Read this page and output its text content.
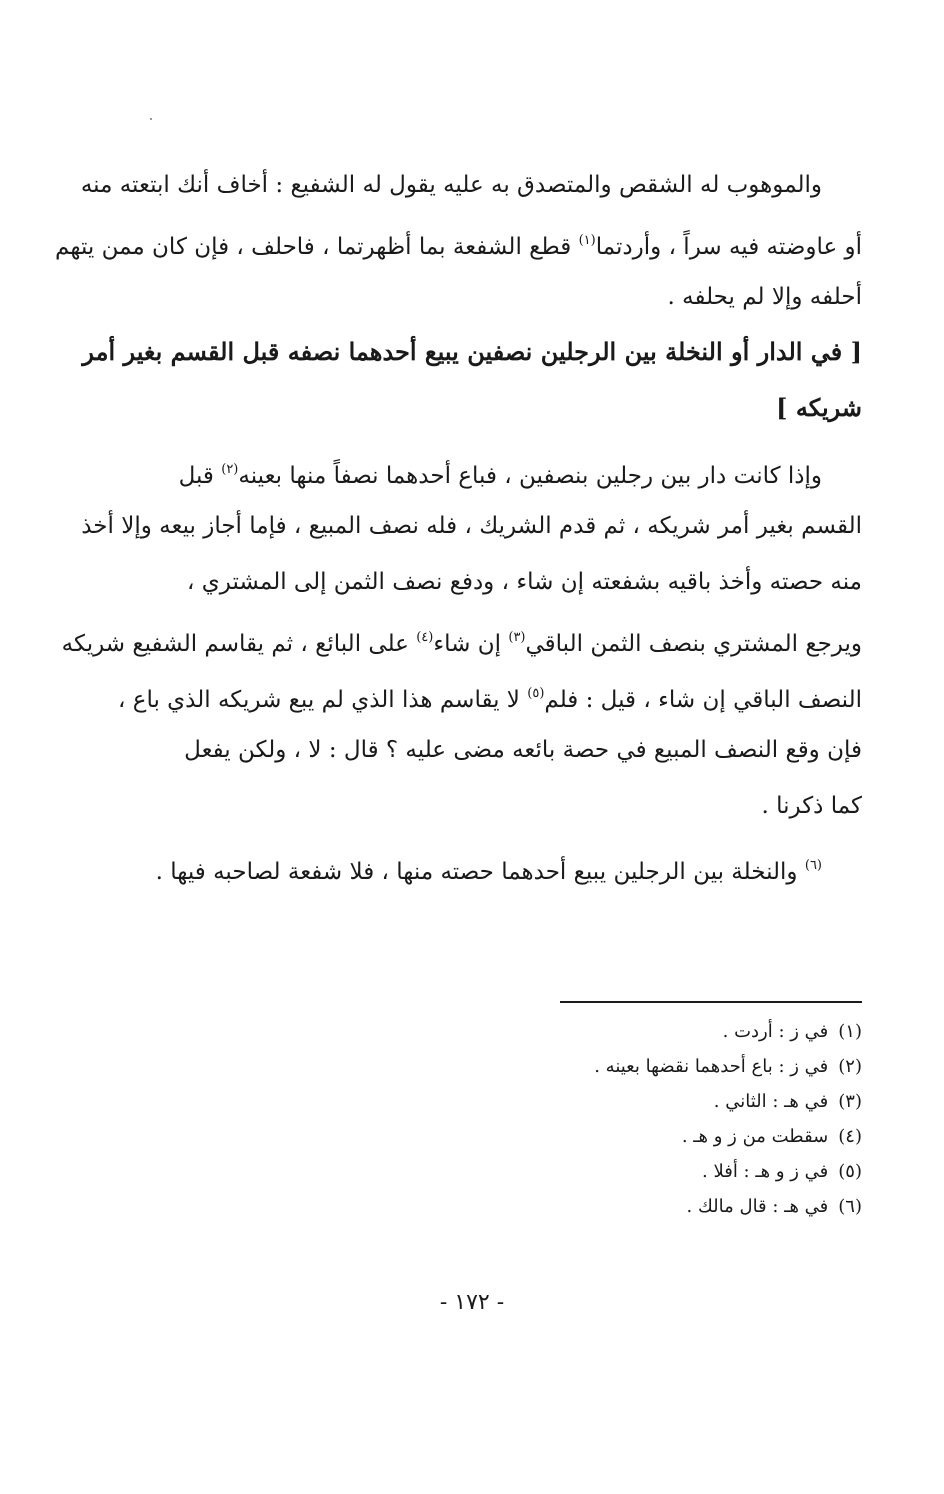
والموهوب له الشقص والمتصدق به عليه يقول له الشفيع : أخاف أنك ابتعته منه
أو عاوضته فيه سراً ، وأردتما$^{(١)}$ قطع الشفعة بما أظهرتما ، فاحلف ، فإن كان ممن يتهم
أحلفه وإلا لم يحلفه .
[ في الدار أو النخلة بين الرجلين نصفين يبيع أحدهما نصفه قبل القسم بغير أمر
شريكه ]
وإذا كانت دار بين رجلين بنصفين ، فباع أحدهما نصفاً منها بعينه$^{(٢)}$ قبل
القسم بغير أمر شريكه ، ثم قدم الشريك ، فله نصف المبيع ، فإما أجاز بيعه وإلا أخذ
منه حصته وأخذ باقيه بشفعته إن شاء ، ودفع نصف الثمن إلى المشتري ،
ويرجع المشتري بنصف الثمن الباقي$^{(٣)}$ إن شاء$^{(٤)}$ على البائع ، ثم يقاسم الشفيع شريكه
النصف الباقي إن شاء ، قيل : فلم$^{(٥)}$ لا يقاسم هذا الذي لم يبع شريكه الذي باع ،
فإن وقع النصف المبيع في حصة بائعه مضى عليه ؟ قال : لا ، ولكن يفعل
كما ذكرنا .
$^{(٦)}$ والنخلة بين الرجلين يبيع أحدهما حصته منها ، فلا شفعة لصاحبه فيها .
(١)في ز : أردت .
(٢)في ز : باع أحدهما نقضها بعينه .
(٣)في هـ : الثاني .
(٤)سقطت من ز و هـ .
(٥)في ز و هـ : أفلا .
(٦)في هـ : قال مالك .
- ١٧٢ -
